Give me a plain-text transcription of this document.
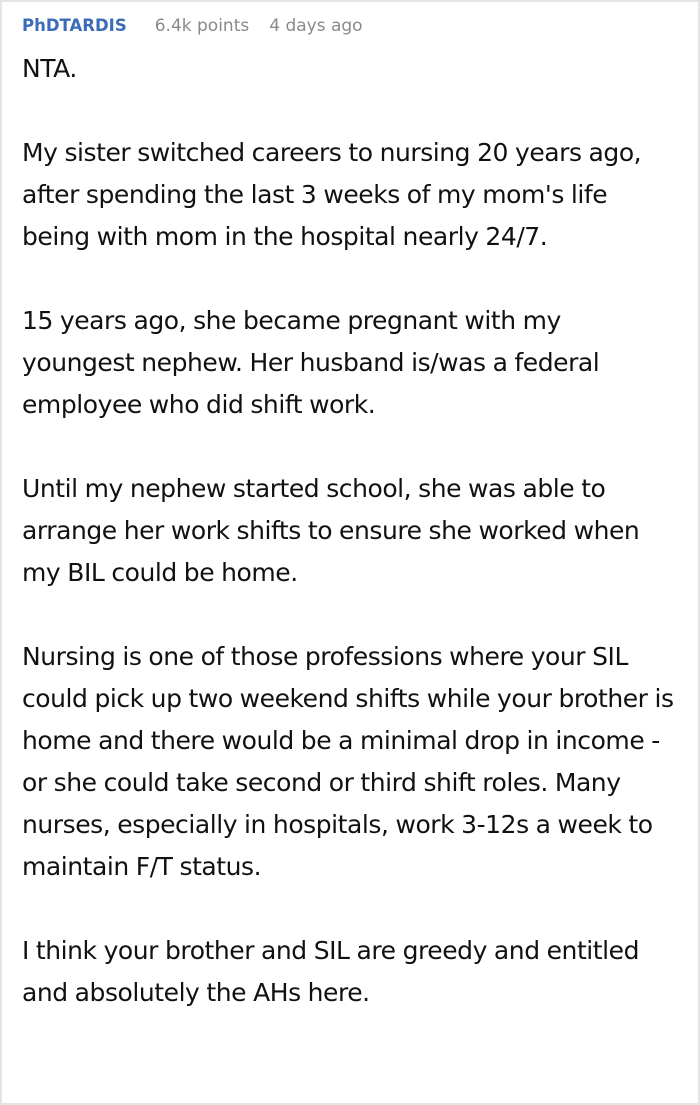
PhDTARDIS 6.4k points 4 days ago

NTA.

My sister switched careers to nursing 20 years ago, after spending the last 3 weeks of my mom's life being with mom in the hospital nearly 24/7.

15 years ago, she became pregnant with my youngest nephew. Her husband is/was a federal employee who did shift work.

Until my nephew started school, she was able to arrange her work shifts to ensure she worked when my BIL could be home.

Nursing is one of those professions where your SIL could pick up two weekend shifts while your brother is home and there would be a minimal drop in income - or she could take second or third shift roles. Many nurses, especially in hospitals, work 3-12s a week to maintain F/T status.

I think your brother and SIL are greedy and entitled and absolutely the AHs here.
